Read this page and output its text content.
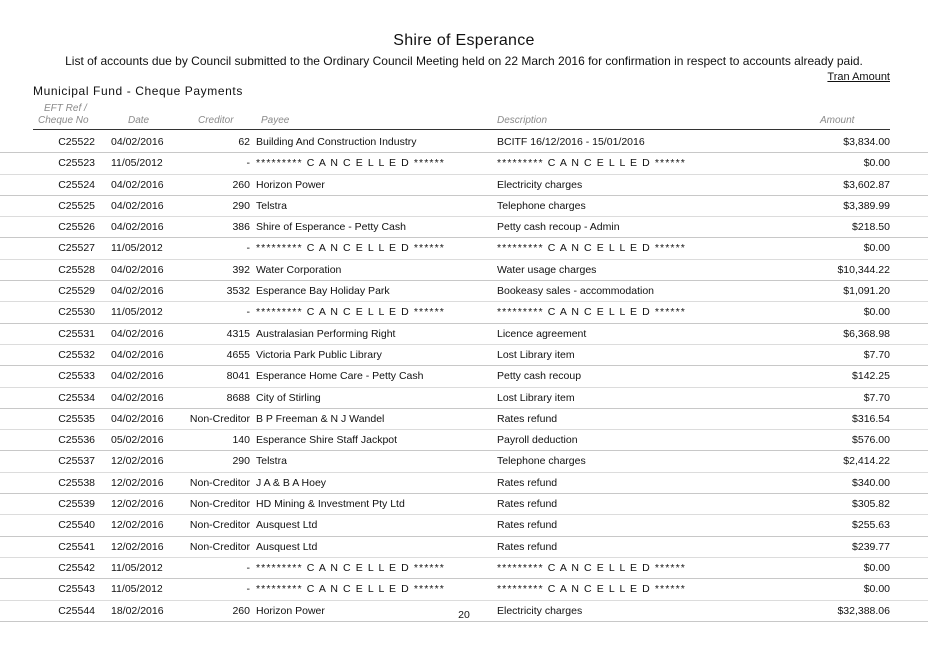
Shire of Esperance
List of accounts due by Council submitted to the Ordinary Council Meeting held on 22 March 2016 for confirmation in respect to accounts already paid.
Tran Amount
Municipal Fund - Cheque Payments
EFT Ref /
Cheque No	Date	Creditor	Payee	Description	Amount
C25522 04/02/2016	62 Building And Construction Industry	BCITF 16/12/2016 - 15/01/2016	$3,834.00
C25523 11/05/2012	- ********* C A N C E L L E D ******	********* C A N C E L L E D ******	$0.00
C25524 04/02/2016	260 Horizon Power	Electricity charges	$3,602.87
C25525 04/02/2016	290 Telstra	Telephone charges	$3,389.99
C25526 04/02/2016	386 Shire of Esperance - Petty Cash	Petty cash recoup - Admin	$218.50
C25527 11/05/2012	- ********* C A N C E L L E D ******	********* C A N C E L L E D ******	$0.00
C25528 04/02/2016	392 Water Corporation	Water usage charges	$10,344.22
C25529 04/02/2016	3532 Esperance Bay Holiday Park	Bookeasy sales - accommodation	$1,091.20
C25530 11/05/2012	- ********* C A N C E L L E D ******	********* C A N C E L L E D ******	$0.00
C25531 04/02/2016	4315 Australasian Performing Right	Licence agreement	$6,368.98
C25532 04/02/2016	4655 Victoria Park Public Library	Lost Library item	$7.70
C25533 04/02/2016	8041 Esperance Home Care - Petty Cash	Petty cash recoup	$142.25
C25534 04/02/2016	8688 City of Stirling	Lost Library item	$7.70
C25535 04/02/2016	Non-Creditor B P Freeman & N J Wandel	Rates refund	$316.54
C25536 05/02/2016	140 Esperance Shire Staff Jackpot	Payroll deduction	$576.00
C25537 12/02/2016	290 Telstra	Telephone charges	$2,414.22
C25538 12/02/2016	Non-Creditor J A & B A Hoey	Rates refund	$340.00
C25539 12/02/2016	Non-Creditor HD Mining & Investment Pty Ltd	Rates refund	$305.82
C25540 12/02/2016	Non-Creditor Ausquest Ltd	Rates refund	$255.63
C25541 12/02/2016	Non-Creditor Ausquest Ltd	Rates refund	$239.77
C25542 11/05/2012	- ********* C A N C E L L E D ******	********* C A N C E L L E D ******	$0.00
C25543 11/05/2012	- ********* C A N C E L L E D ******	********* C A N C E L L E D ******	$0.00
C25544 18/02/2016	260 Horizon Power	Electricity charges	$32,388.06
20
